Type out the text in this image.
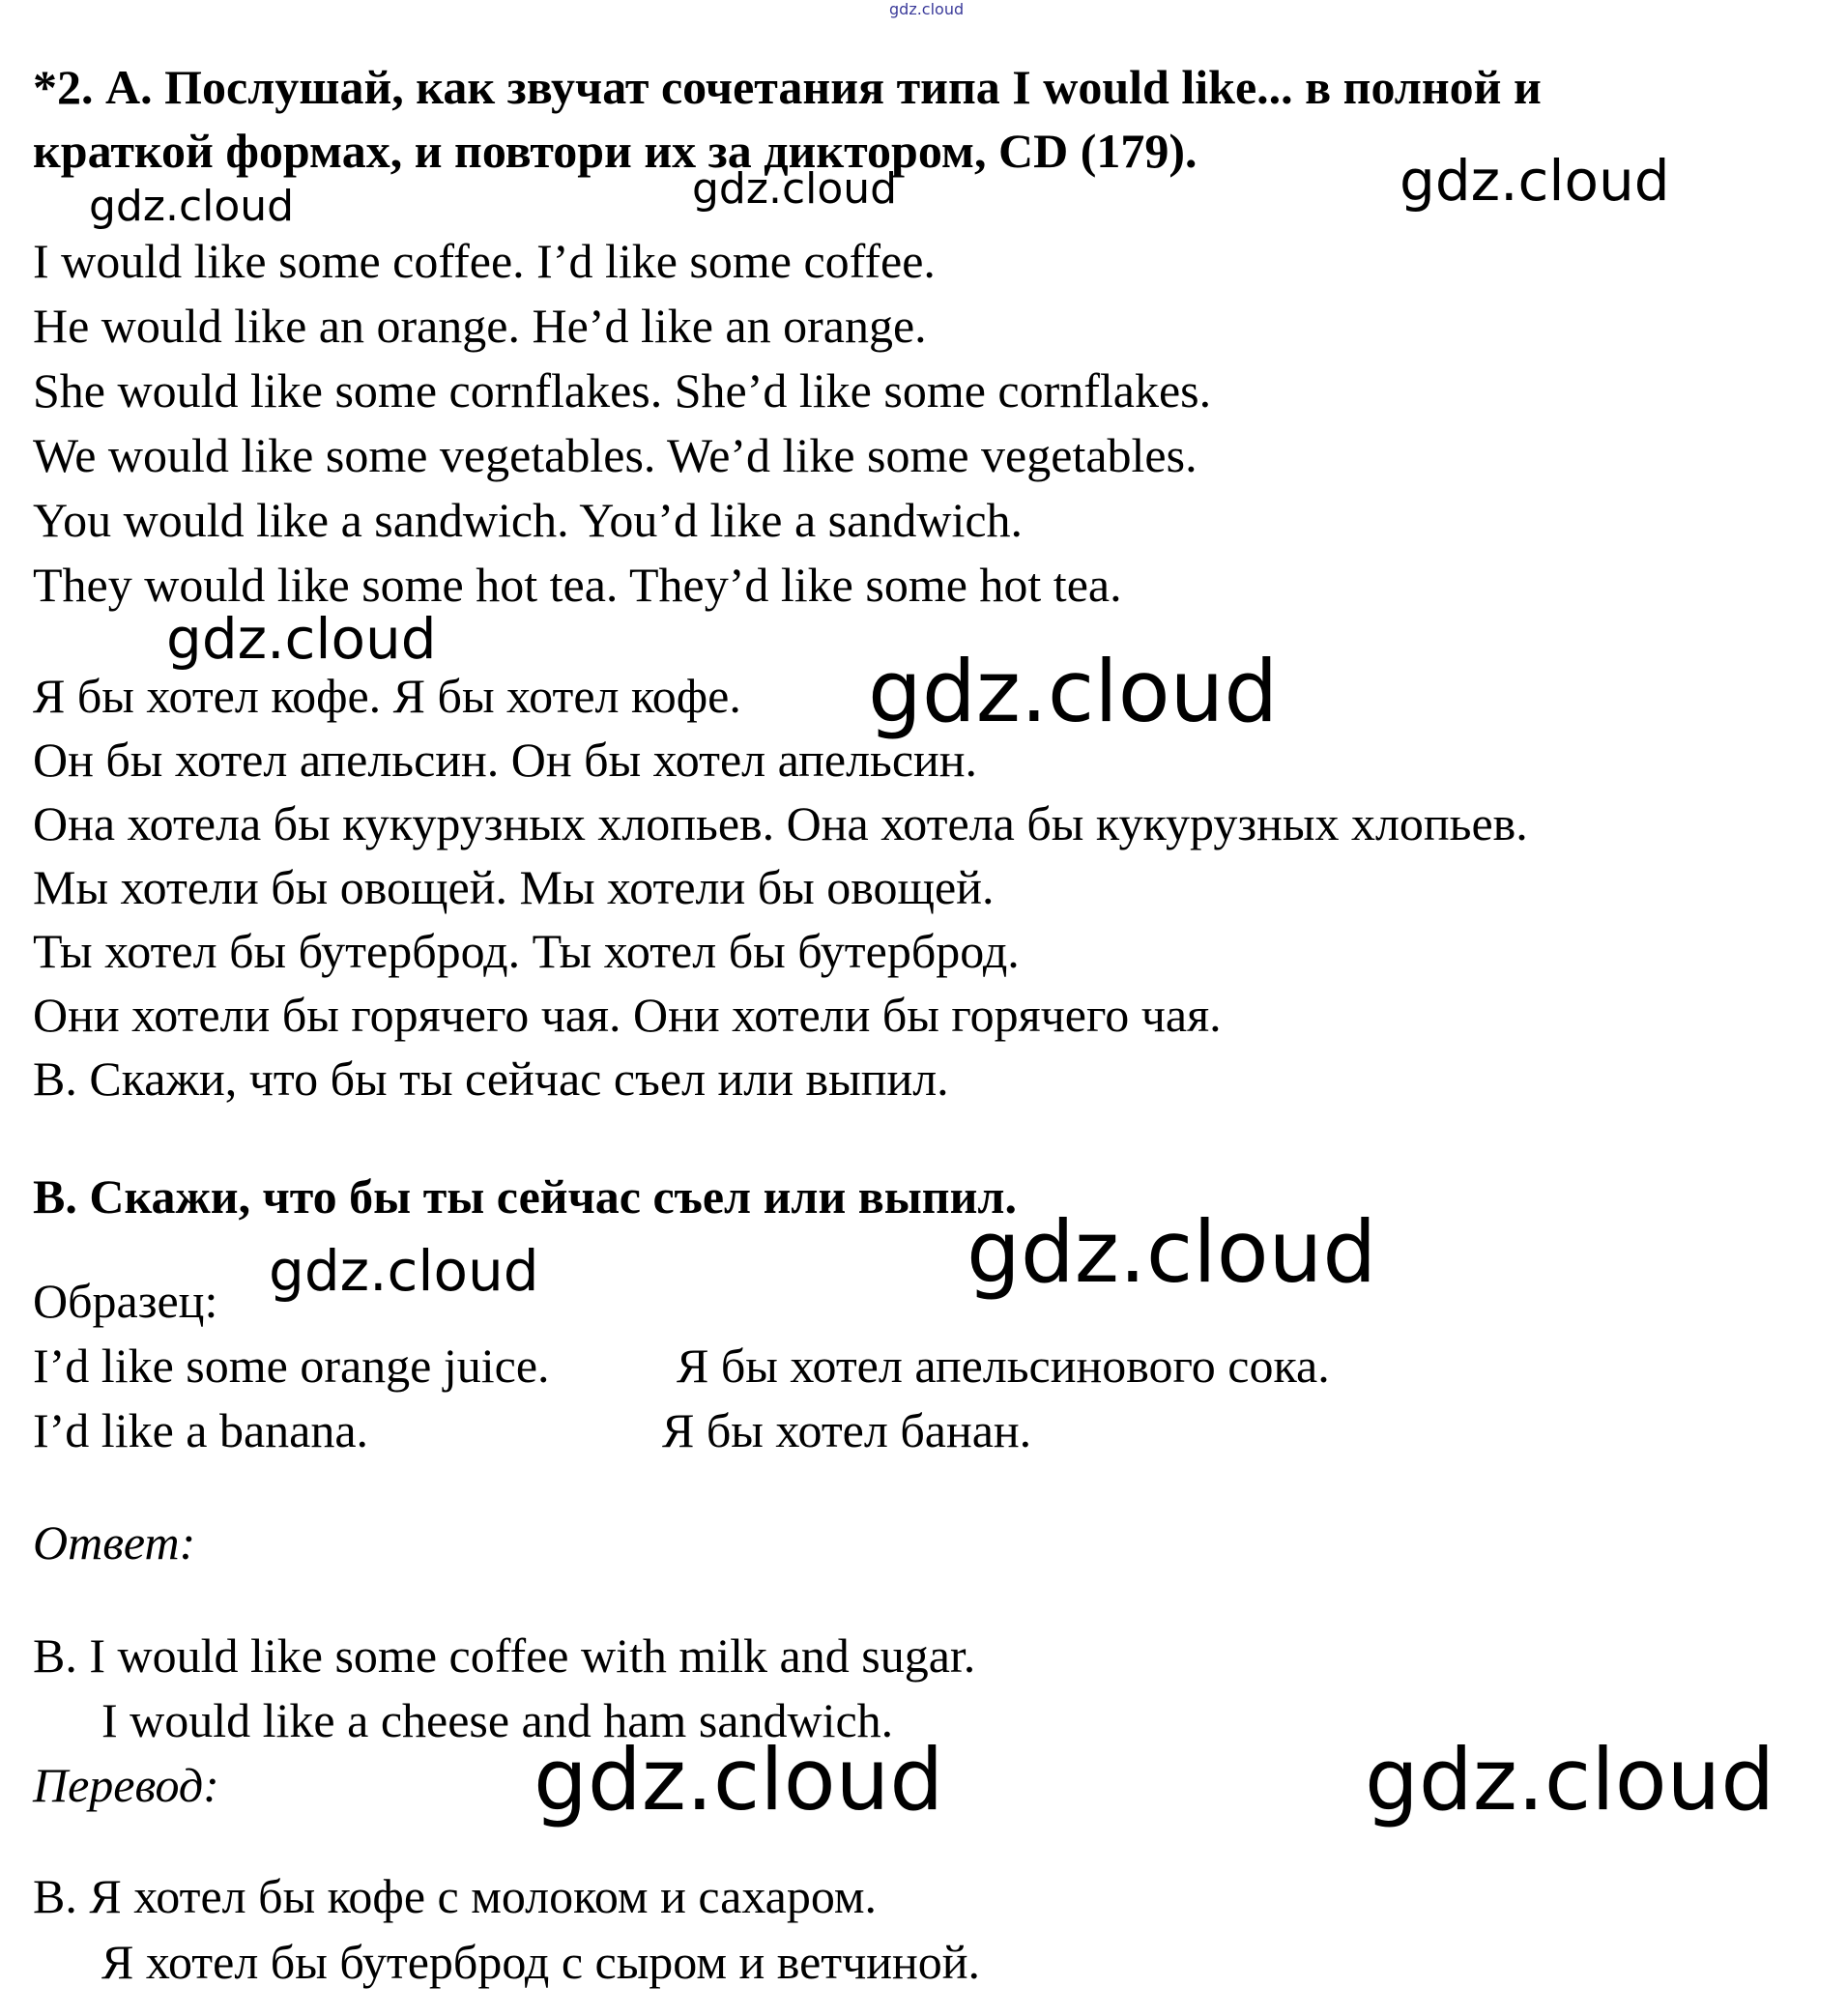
gdz.cloud
*2. А. Послушай, как звучат сочетания типа I would like... в полной и
краткой формах, и повтори их за диктором, CD (179).
I would like some coffee. I’d like some coffee.
He would like an orange. He’d like an orange.
She would like some cornflakes. She’d like some cornflakes.
We would like some vegetables. We’d like some vegetables.
You would like a sandwich. You’d like a sandwich.
They would like some hot tea. They’d like some hot tea.
Я бы хотел кофе. Я бы хотел кофе.
Он бы хотел апельсин. Он бы хотел апельсин.
Она хотела бы кукурузных хлопьев. Она хотела бы кукурузных хлопьев.
Мы хотели бы овощей. Мы хотели бы овощей.
Ты хотел бы бутерброд. Ты хотел бы бутерброд.
Они хотели бы горячего чая. Они хотели бы горячего чая.
В. Скажи, что бы ты сейчас съел или выпил.
В. Скажи, что бы ты сейчас съел или выпил.
Образец:
I’d like some orange juice.	Я бы хотел апельсинового сока.
I’d like a banana.	Я бы хотел банан.
Ответ:
В. I would like some coffee with milk and sugar.
I would like a cheese and ham sandwich.
Перевод:
В. Я хотел бы кофе с молоком и сахаром.
Я хотел бы бутерброд с сыром и ветчиной.
gdz.cloud	gdz.cloud	gdz.cloud
gdz.cloud
gdz.cloud
gdz.cloud
gdz.cloud
gdz.cloud	gdz.cloud
